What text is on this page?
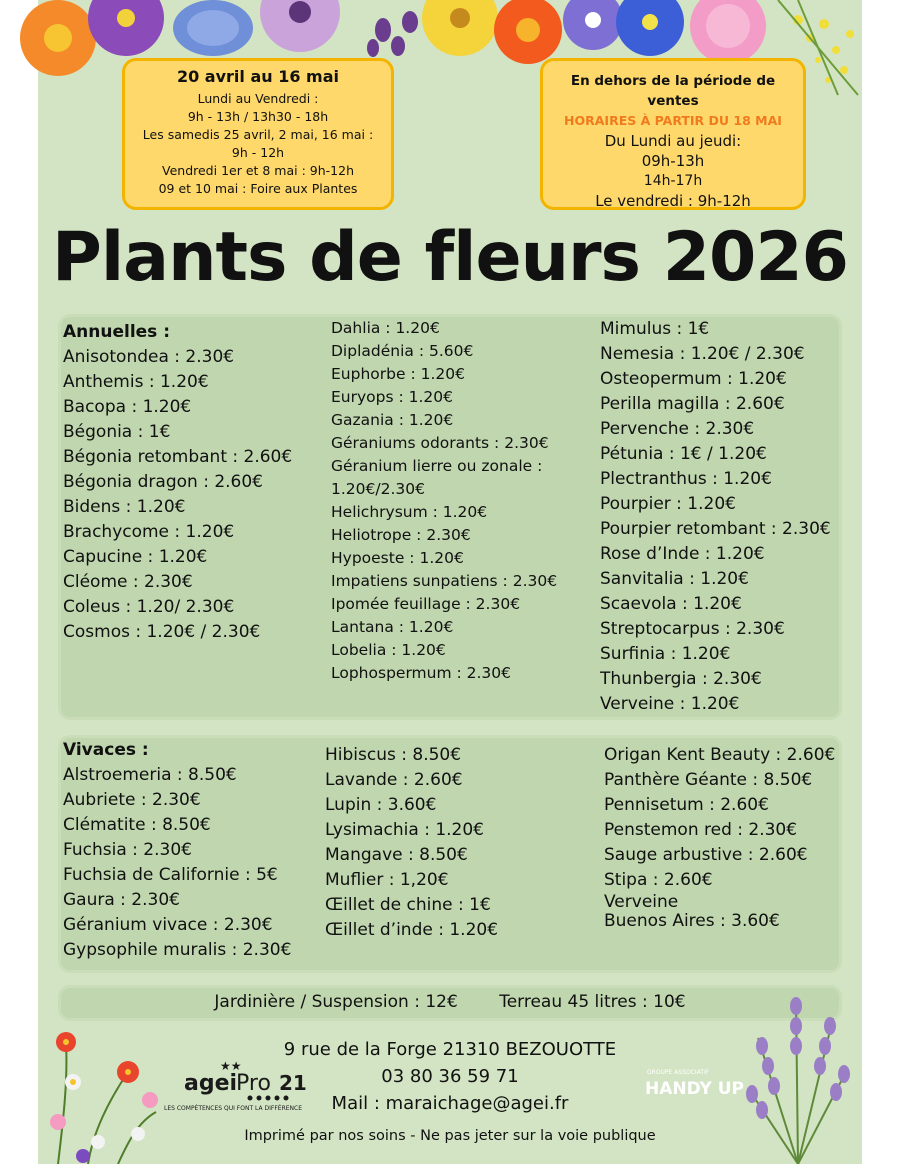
20 avril au 16 mai
Lundi au Vendredi :
9h - 13h / 13h30 - 18h
Les samedis 25 avril, 2 mai, 16 mai :
9h - 12h
Vendredi 1er et 8 mai : 9h-12h
09 et 10 mai : Foire aux Plantes
En dehors de la période de ventes
HORAIRES À PARTIR DU 18 MAI
Du Lundi au jeudi:
09h-13h
14h-17h
Le vendredi : 9h-12h
Plants de fleurs 2026
Annuelles :
Anisotondea : 2.30€
Anthemis : 1.20€
Bacopa : 1.20€
Bégonia : 1€
Bégonia retombant : 2.60€
Bégonia dragon : 2.60€
Bidens : 1.20€
Brachycome : 1.20€
Capucine : 1.20€
Cléome : 2.30€
Coleus : 1.20/ 2.30€
Cosmos : 1.20€ / 2.30€
Dahlia : 1.20€
Dipladénia : 5.60€
Euphorbe : 1.20€
Euryops : 1.20€
Gazania : 1.20€
Géraniums odorants : 2.30€
Géranium lierre ou zonale : 1.20€/2.30€
Helichrysum : 1.20€
Heliotrope : 2.30€
Hypoeste : 1.20€
Impatiens sunpatiens : 2.30€
Ipomée feuillage : 2.30€
Lantana : 1.20€
Lobelia : 1.20€
Lophospermum : 2.30€
Mimulus : 1€
Nemesia : 1.20€ / 2.30€
Osteopermum : 1.20€
Perilla magilla : 2.60€
Pervenche : 2.30€
Pétunia : 1€ / 1.20€
Plectranthus : 1.20€
Pourpier : 1.20€
Pourpier retombant : 2.30€
Rose d’Inde : 1.20€
Sanvitalia : 1.20€
Scaevola : 1.20€
Streptocarpus : 2.30€
Surfinia : 1.20€
Thunbergia : 2.30€
Verveine : 1.20€
Vivaces :
Alstroemeria : 8.50€
Aubriete : 2.30€
Clématite : 8.50€
Fuchsia : 2.30€
Fuchsia de Californie : 5€
Gaura : 2.30€
Géranium vivace : 2.30€
Gypsophile muralis : 2.30€
Hibiscus : 8.50€
Lavande : 2.60€
Lupin : 3.60€
Lysimachia : 1.20€
Mangave : 8.50€
Muflier : 1,20€
Œillet de chine : 1€
Œillet d’inde : 1.20€
Origan Kent Beauty : 2.60€
Panthère Géante : 8.50€
Pennisetum : 2.60€
Penstemon red : 2.30€
Sauge arbustive : 2.60€
Stipa : 2.60€
Verveine
Buenos Aires : 3.60€
Jardinière / Suspension : 12€ Terreau 45 litres : 10€
agei
Pro 21
★★
LES COMPÉTENCES QUI FONT LA DIFFÉRENCE
9 rue de la Forge 21310 BEZOUOTTE
03 80 36 59 71
Mail : maraichage@agei.fr
GROUPE ASSOCIATIF
HANDY UP
Imprimé par nos soins - Ne pas jeter sur la voie publique
